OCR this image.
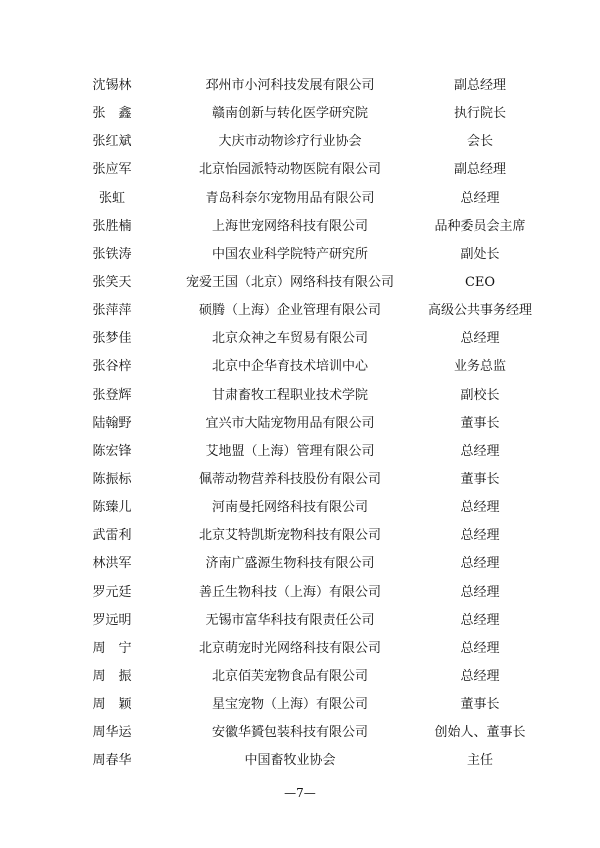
沈锡林	邳州市小河科技发展有限公司	副总经理
张　鑫	赣南创新与转化医学研究院	执行院长
张红斌	大庆市动物诊疗行业协会	会长
张应军	北京怡园派特动物医院有限公司	副总经理
张虹	青岛科奈尔宠物用品有限公司	总经理
张胜楠	上海世宠网络科技有限公司	品种委员会主席
张铁涛	中国农业科学院特产研究所	副处长
张笑天	宠爱王国（北京）网络科技有限公司	CEO
张萍萍	硕腾（上海）企业管理有限公司	高级公共事务经理
张梦佳	北京众神之车贸易有限公司	总经理
张谷梓	北京中企华育技术培训中心	业务总监
张登辉	甘肃畜牧工程职业技术学院	副校长
陆翰野	宜兴市大陆宠物用品有限公司	董事长
陈宏锋	艾地盟（上海）管理有限公司	总经理
陈振标	佩蒂动物营养科技股份有限公司	董事长
陈臻儿	河南曼托网络科技有限公司	总经理
武雷利	北京艾特凯斯宠物科技有限公司	总经理
林洪军	济南广盛源生物科技有限公司	总经理
罗元廷	善丘生物科技（上海）有限公司	总经理
罗远明	无锡市富华科技有限责任公司	总经理
周　宁	北京萌宠时光网络科技有限公司	总经理
周　振	北京佰芙宠物食品有限公司	总经理
周　颖	星宝宠物（上海）有限公司	董事长
周华运	安徽华贇包装科技有限公司	创始人、董事长
周春华	中国畜牧业协会	主任
—7—
